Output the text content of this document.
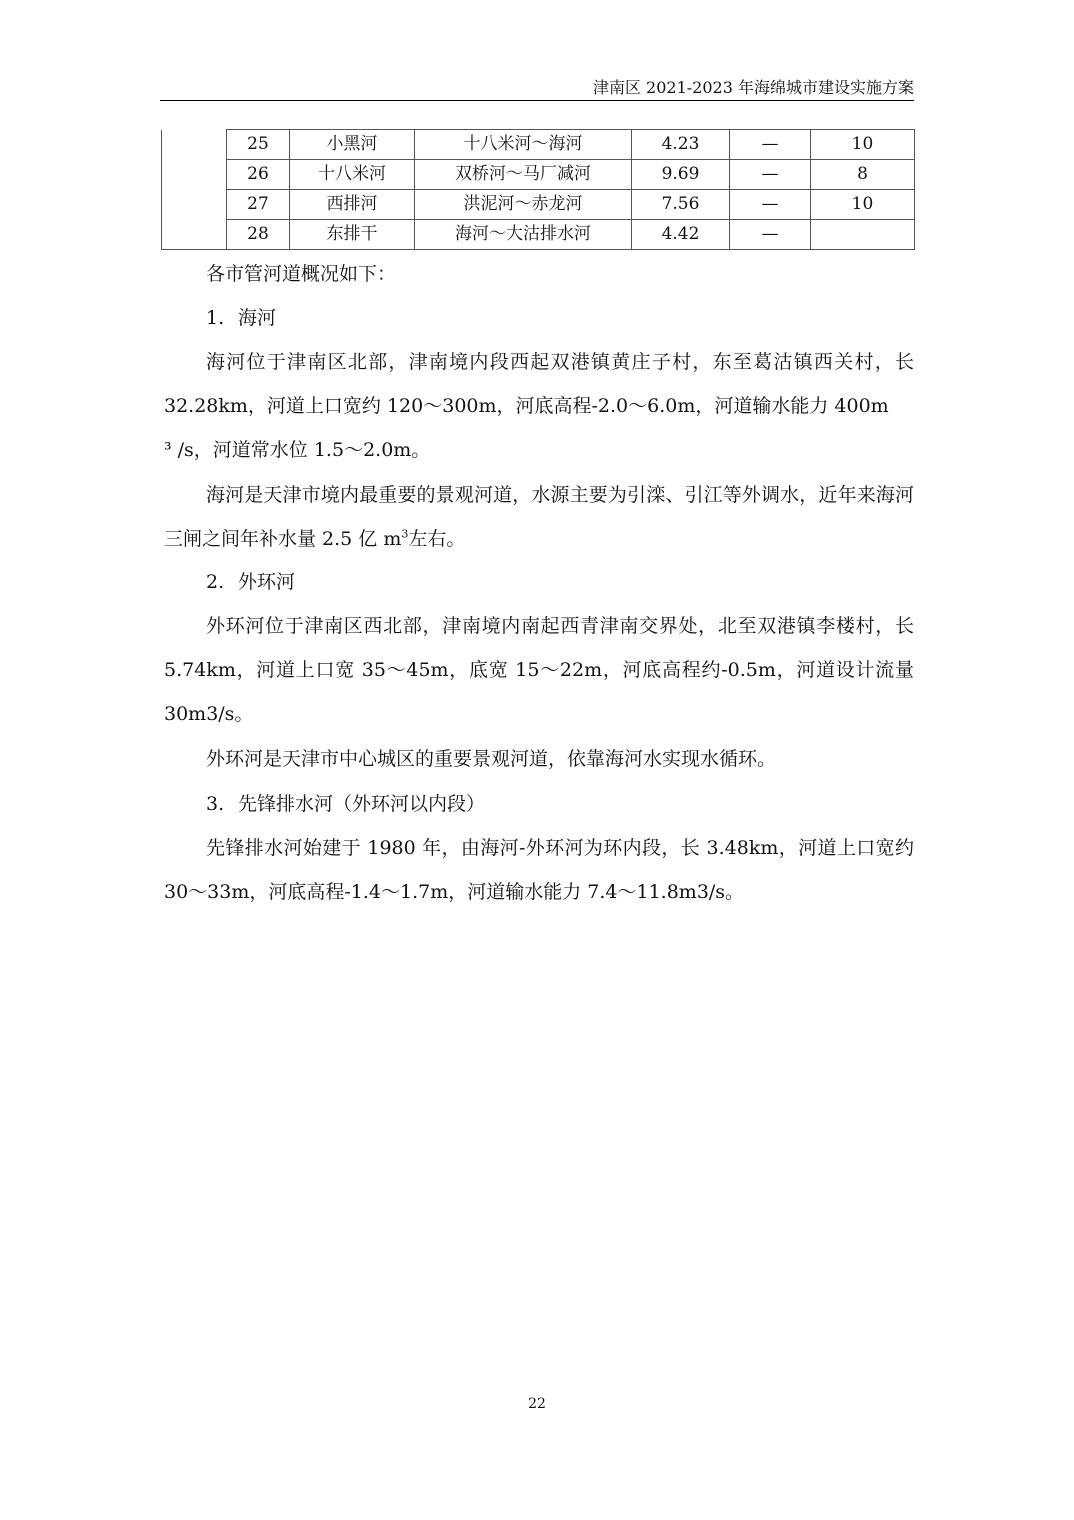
津南区 2021-2023 年海绵城市建设实施方案
	25	小黑河	十八米河～海河	4.23	—	10
	26	十八米河	双桥河～马厂减河	9.69	—	8
	27	西排河	洪泥河～赤龙河	7.56	—	10
	28	东排干	海河～大沽排水河	4.42	—	

各市管河道概况如下：

1. 海河

海河位于津南区北部，津南境内段西起双港镇黄庄子村，东至葛沽镇西关村，长 32.28km，河道上口宽约 120～300m，河底高程-2.0～6.0m，河道输水能力 400m
³ /s，河道常水位 1.5～2.0m。

海河是天津市境内最重要的景观河道，水源主要为引滦、引江等外调水，近年来海河三闸之间年补水量 2.5 亿 $m^3$左右。

2. 外环河

外环河位于津南区西北部，津南境内南起西青津南交界处，北至双港镇李楼村，长 5.74km，河道上口宽 35～45m，底宽 15～22m，河底高程约-0.5m，河道设计流量 30m3/s。

外环河是天津市中心城区的重要景观河道，依靠海河水实现水循环。

3. 先锋排水河（外环河以内段）

先锋排水河始建于 1980 年，由海河-外环河为环内段，长 3.48km，河道上口宽约 30～33m，河底高程-1.4～1.7m，河道输水能力 7.4～11.8m3/s。

22
